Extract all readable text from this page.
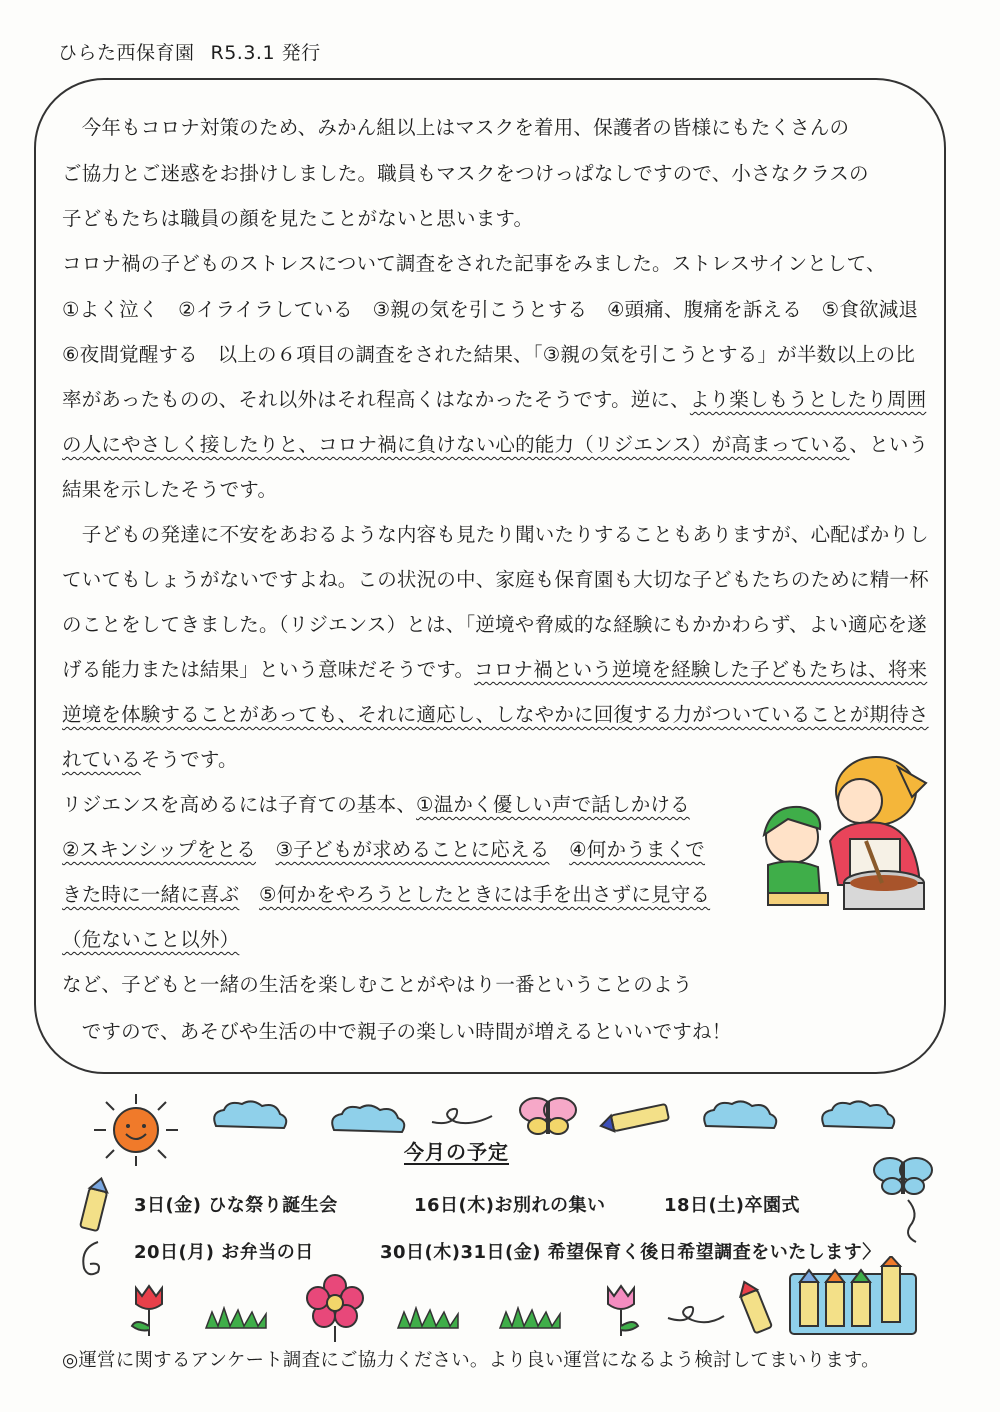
ひらた西保育園 R5.3.1 発行
　今年もコロナ対策のため、みかん組以上はマスクを着用、保護者の皆様にもたくさんの
ご協力とご迷惑をお掛けしました。職員もマスクをつけっぱなしですので、小さなクラスの
子どもたちは職員の顔を見たことがないと思います。
コロナ禍の子どものストレスについて調査をされた記事をみました。ストレスサインとして、
①よく泣く　②イライラしている　③親の気を引こうとする　④頭痛、腹痛を訴える　⑤食欲減退
⑥夜間覚醒する　以上の６項目の調査をされた結果、「③親の気を引こうとする」が半数以上の比
率があったものの、それ以外はそれ程高くはなかったそうです。逆に、より楽しもうとしたり周囲
の人にやさしく接したりと、コロナ禍に負けない心的能力（リジエンス）が高まっている、という
結果を示したそうです。
　子どもの発達に不安をあおるような内容も見たり聞いたりすることもありますが、心配ばかりし
ていてもしょうがないですよね。この状況の中、家庭も保育園も大切な子どもたちのために精一杯
のことをしてきました。（リジエンス）とは、「逆境や脅威的な経験にもかかわらず、よい適応を遂
げる能力または結果」という意味だそうです。コロナ禍という逆境を経験した子どもたちは、将来
逆境を体験することがあっても、それに適応し、しなやかに回復する力がついていることが期待さ
れているそうです。
リジエンスを高めるには子育ての基本、①温かく優しい声で話しかける
②スキンシップをとる　 ③子どもが求めることに応える　 ④何かうまくで
きた時に一緒に喜ぶ　 ⑤何かをやろうとしたときには手を出さずに見守る
（危ないこと以外）
など、子どもと一緒の生活を楽しむことがやはり一番ということのよう
　ですので、あそびや生活の中で親子の楽しい時間が増えるといいですね！
今月の予定
3日(金) ひな祭り誕生会	16日(木)お別れの集い	18日(土)卒園式
20日(月) お弁当の日	30日(木)31日(金) 希望保育く後日希望調査をいたします〉
◎運営に関するアンケート調査にご協力ください。より良い運営になるよう検討してまいります。
